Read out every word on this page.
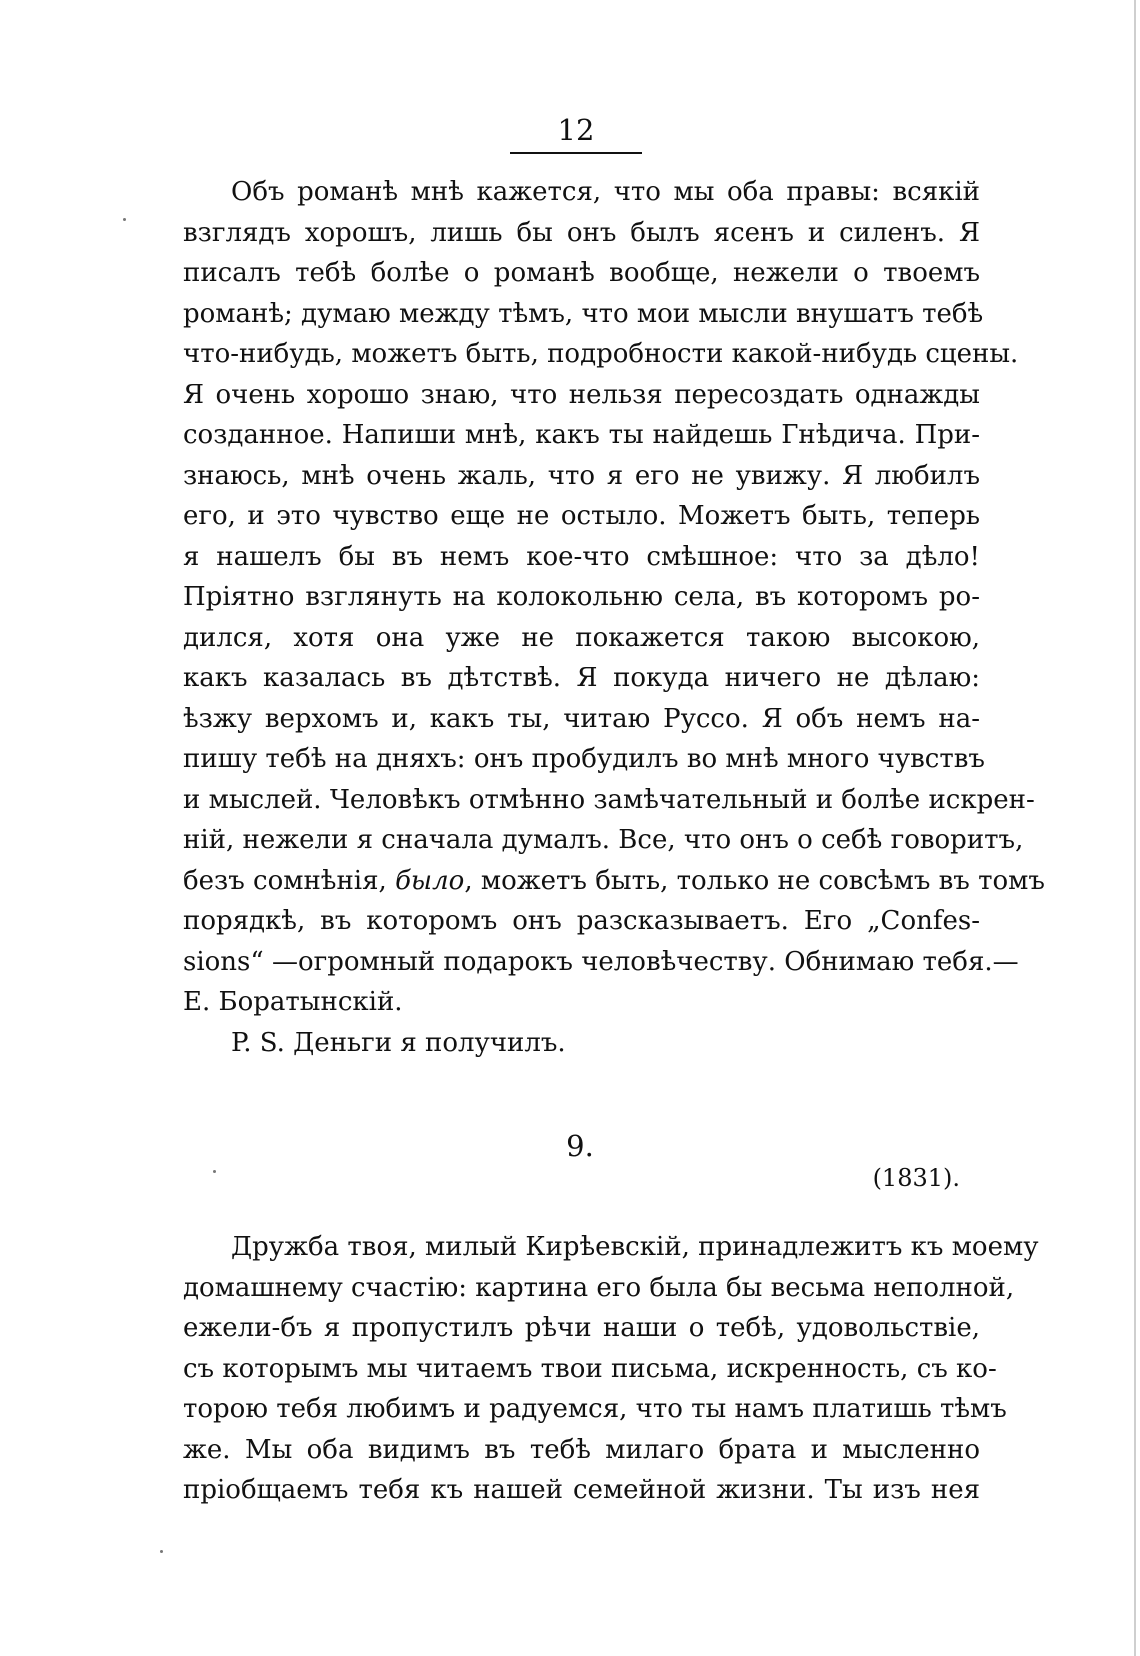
12
Объ романѣ мнѣ кажется, что мы оба правы: всякій
взглядъ хорошъ, лишь бы онъ былъ ясенъ и силенъ. Я
писалъ тебѣ болѣе о романѣ вообще, нежели о твоемъ
романѣ; думаю между тѣмъ, что мои мысли внушатъ тебѣ
что-нибудь, можетъ быть, подробности какой-нибудь сцены.
Я очень хорошо знаю, что нельзя пересоздать однажды
созданное. Напиши мнѣ, какъ ты найдешь Гнѣдича. При-
знаюсь, мнѣ очень жаль, что я его не увижу. Я любилъ
его, и это чувство еще не остыло. Можетъ быть, теперь
я нашелъ бы въ немъ кое-что смѣшное: что за дѣло!
Пріятно взглянуть на колокольню села, въ которомъ ро-
дился, хотя она уже не покажется такою высокою,
какъ казалась въ дѣтствѣ. Я покуда ничего не дѣлаю:
ѣзжу верхомъ и, какъ ты, читаю Руссо. Я объ немъ на-
пишу тебѣ на дняхъ: онъ пробудилъ во мнѣ много чувствъ
и мыслей. Человѣкъ отмѣнно замѣчательный и болѣе искрен-
ній, нежели я сначала думалъ. Все, что онъ о себѣ говоритъ,
безъ сомнѣнія, было, можетъ быть, только не совсѣмъ въ томъ
порядкѣ, въ которомъ онъ разсказываетъ. Его „Confes-
sions“ —огромный подарокъ человѣчеству. Обнимаю тебя.—
Е. Боратынскій.
P. S. Деньги я получилъ.
9.
(1831).
Дружба твоя, милый Кирѣевскій, принадлежитъ къ моему
домашнему счастію: картина его была бы весьма неполной,
ежели-бъ я пропустилъ рѣчи наши о тебѣ, удовольствіе,
съ которымъ мы читаемъ твои письма, искренность, съ ко-
торою тебя любимъ и радуемся, что ты намъ платишь тѣмъ
же. Мы оба видимъ въ тебѣ милаго брата и мысленно
пріобщаемъ тебя къ нашей семейной жизни. Ты изъ нея
